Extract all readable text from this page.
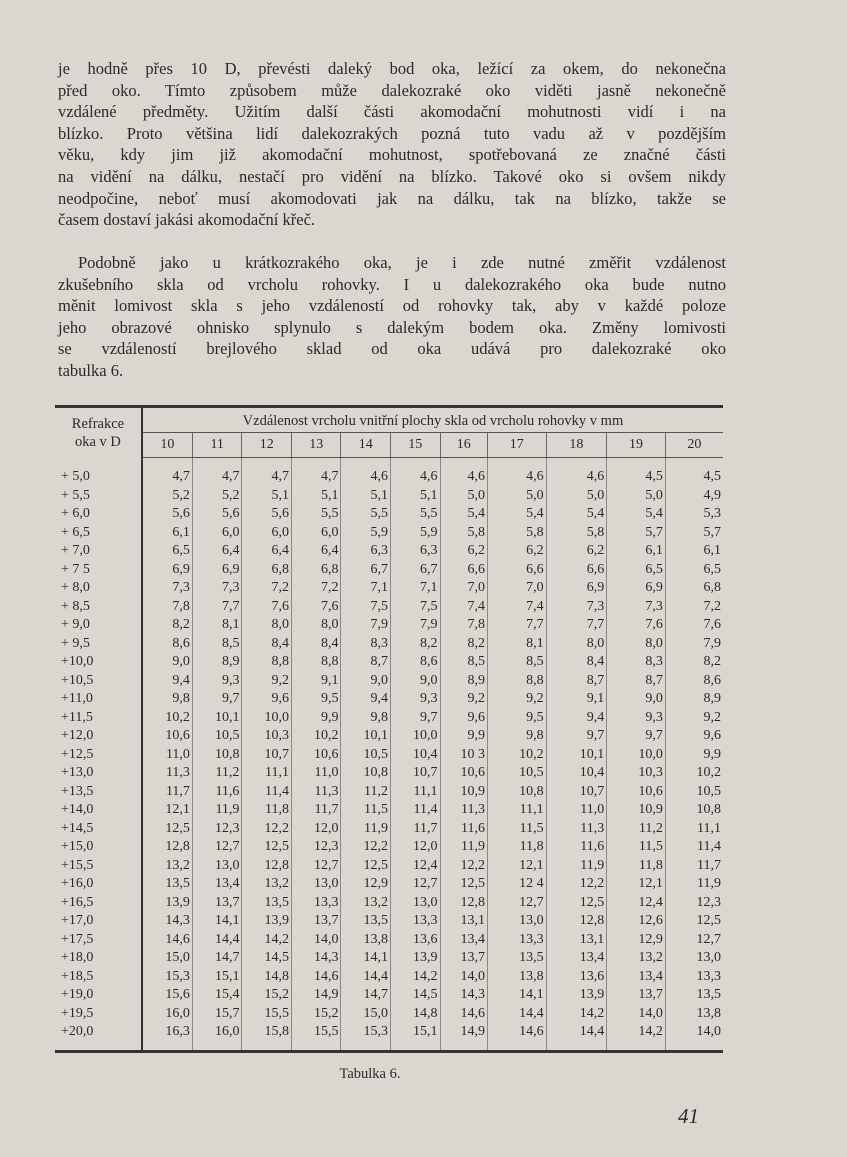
je hodně přes 10 D, převésti daleký bod oka, ležící za okem, do nekonečna
před oko. Tímto způsobem může dalekozraké oko viděti jasně nekonečně
vzdálené předměty. Užitím další části akomodační mohutnosti vidí i na
blízko. Proto většina lidí dalekozrakých pozná tuto vadu až v pozdějším
věku, kdy jim již akomodační mohutnost, spotřebovaná ze značné části
na vidění na dálku, nestačí pro vidění na blízko. Takové oko si ovšem nikdy
neodpočine, neboť musí akomodovati jak na dálku, tak na blízko, takže se
časem dostaví jakási akomodační křeč.
Podobně jako u krátkozrakého oka, je i zde nutné změřit vzdálenost
zkušebního skla od vrcholu rohovky. I u dalekozrakého oka bude nutno
měnit lomivost skla s jeho vzdáleností od rohovky tak, aby v každé poloze
jeho obrazové ohnisko splynulo s dalekým bodem oka. Změny lomivosti
se vzdáleností brejlového sklad od oka udává pro dalekozraké oko
tabulka 6.
Refrakce
oka v D	Vzdálenost vrcholu vnitřní plochy skla od vrcholu rohovky v mm										
	10	11	12	13	14	15	16	17	18	19	20

+ 5,0	4,7	4,7	4,7	4,7	4,6	4,6	4,6	4,6	4,6	4,5	4,5
+ 5,5	5,2	5,2	5,1	5,1	5,1	5,1	5,0	5,0	5,0	5,0	4,9
+ 6,0	5,6	5,6	5,6	5,5	5,5	5,5	5,4	5,4	5,4	5,4	5,3
+ 6,5	6,1	6,0	6,0	6,0	5,9	5,9	5,8	5,8	5,8	5,7	5,7
+ 7,0	6,5	6,4	6,4	6,4	6,3	6,3	6,2	6,2	6,2	6,1	6,1
+ 7 5	6,9	6,9	6,8	6,8	6,7	6,7	6,6	6,6	6,6	6,5	6,5
+ 8,0	7,3	7,3	7,2	7,2	7,1	7,1	7,0	7,0	6,9	6,9	6,8
+ 8,5	7,8	7,7	7,6	7,6	7,5	7,5	7,4	7,4	7,3	7,3	7,2
+ 9,0	8,2	8,1	8,0	8,0	7,9	7,9	7,8	7,7	7,7	7,6	7,6
+ 9,5	8,6	8,5	8,4	8,4	8,3	8,2	8,2	8,1	8,0	8,0	7,9
+10,0	9,0	8,9	8,8	8,8	8,7	8,6	8,5	8,5	8,4	8,3	8,2
+10,5	9,4	9,3	9,2	9,1	9,0	9,0	8,9	8,8	8,7	8,7	8,6
+11,0	9,8	9,7	9,6	9,5	9,4	9,3	9,2	9,2	9,1	9,0	8,9
+11,5	10,2	10,1	10,0	9,9	9,8	9,7	9,6	9,5	9,4	9,3	9,2
+12,0	10,6	10,5	10,3	10,2	10,1	10,0	9,9	9,8	9,7	9,7	9,6
+12,5	11,0	10,8	10,7	10,6	10,5	10,4	10 3	10,2	10,1	10,0	9,9
+13,0	11,3	11,2	11,1	11,0	10,8	10,7	10,6	10,5	10,4	10,3	10,2
+13,5	11,7	11,6	11,4	11,3	11,2	11,1	10,9	10,8	10,7	10,6	10,5
+14,0	12,1	11,9	11,8	11,7	11,5	11,4	11,3	11,1	11,0	10,9	10,8
+14,5	12,5	12,3	12,2	12,0	11,9	11,7	11,6	11,5	11,3	11,2	11,1
+15,0	12,8	12,7	12,5	12,3	12,2	12,0	11,9	11,8	11,6	11,5	11,4
+15,5	13,2	13,0	12,8	12,7	12,5	12,4	12,2	12,1	11,9	11,8	11,7
+16,0	13,5	13,4	13,2	13,0	12,9	12,7	12,5	12 4	12,2	12,1	11,9
+16,5	13,9	13,7	13,5	13,3	13,2	13,0	12,8	12,7	12,5	12,4	12,3
+17,0	14,3	14,1	13,9	13,7	13,5	13,3	13,1	13,0	12,8	12,6	12,5
+17,5	14,6	14,4	14,2	14,0	13,8	13,6	13,4	13,3	13,1	12,9	12,7
+18,0	15,0	14,7	14,5	14,3	14,1	13,9	13,7	13,5	13,4	13,2	13,0
+18,5	15,3	15,1	14,8	14,6	14,4	14,2	14,0	13,8	13,6	13,4	13,3
+19,0	15,6	15,4	15,2	14,9	14,7	14,5	14,3	14,1	13,9	13,7	13,5
+19,5	16,0	15,7	15,5	15,2	15,0	14,8	14,6	14,4	14,2	14,0	13,8
+20,0	16,3	16,0	15,8	15,5	15,3	15,1	14,9	14,6	14,4	14,2	14,0

Tabulka 6.
41
